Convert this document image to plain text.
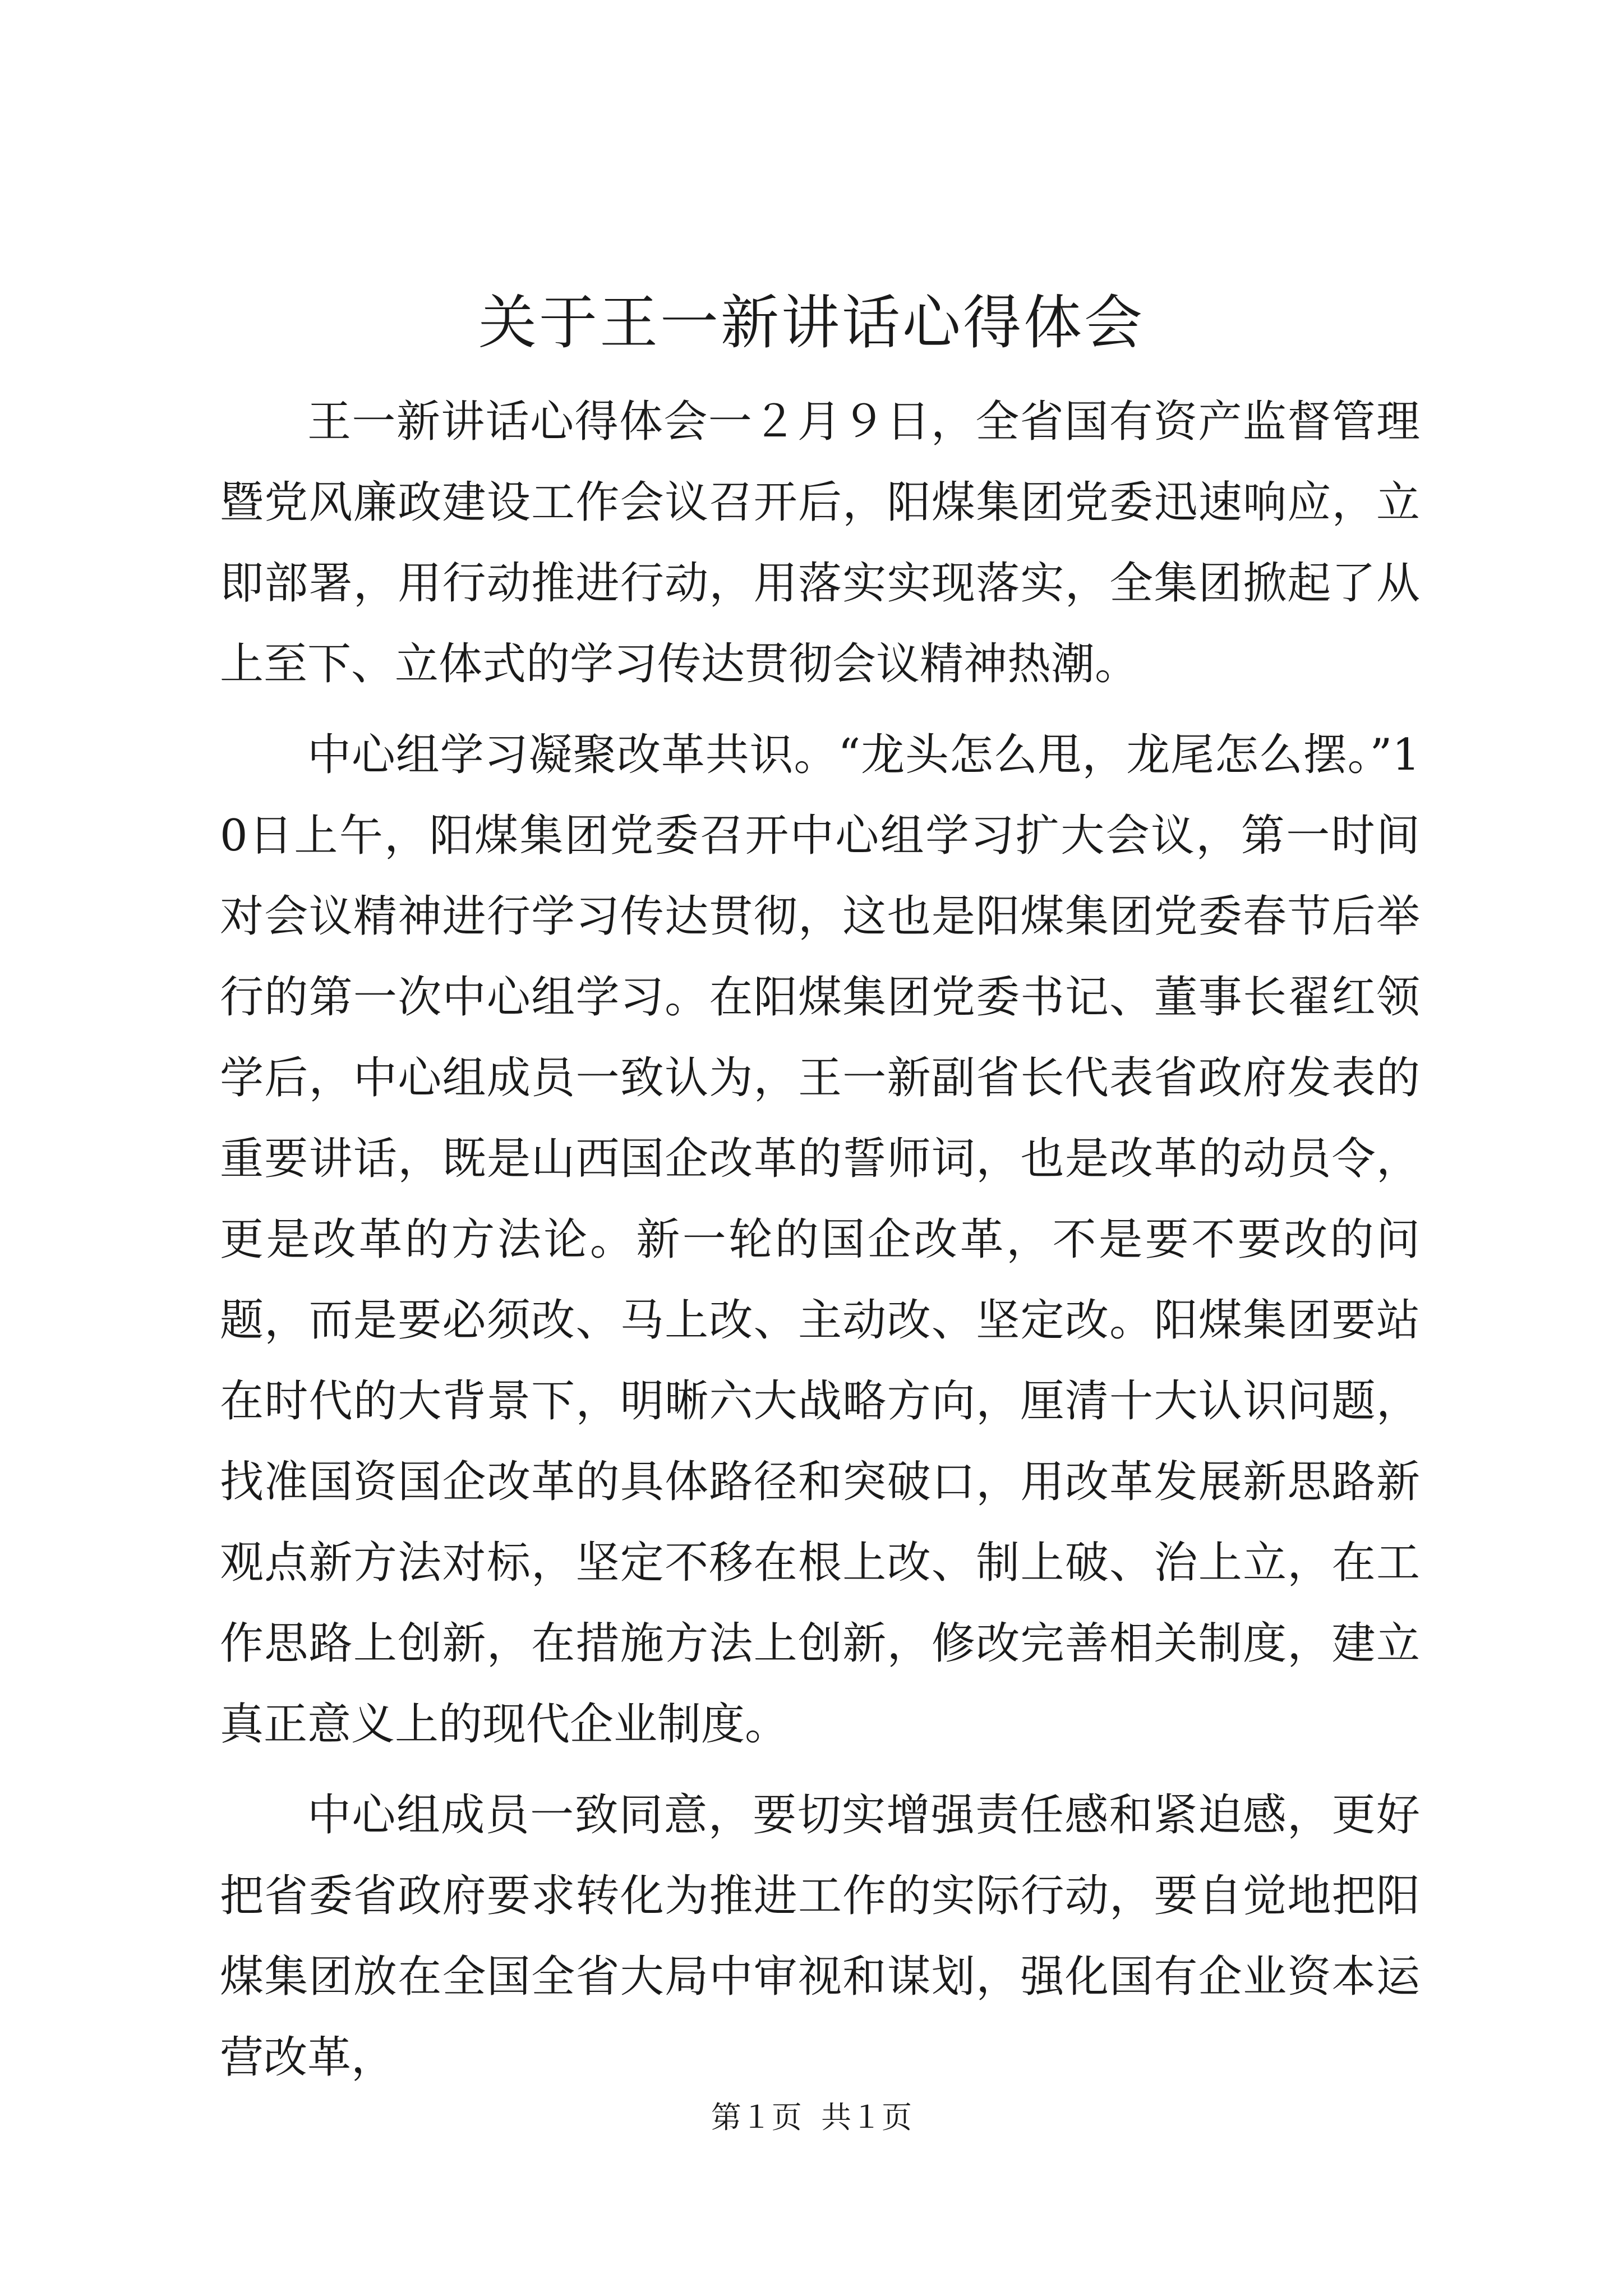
关于王一新讲话心得体会

王一新讲话心得体会一２月９日，全省国有资产监督管理暨党风廉政建设工作会议召开后，阳煤集团党委迅速响应，立即部署，用行动推进行动，用落实实现落实，全集团掀起了从上至下、立体式的学习传达贯彻会议精神热潮。

中心组学习凝聚改革共识。“龙头怎么甩，龙尾怎么摆。”10日上午，阳煤集团党委召开中心组学习扩大会议，第一时间对会议精神进行学习传达贯彻，这也是阳煤集团党委春节后举行的第一次中心组学习。在阳煤集团党委书记、董事长翟红领学后，中心组成员一致认为，王一新副省长代表省政府发表的重要讲话，既是山西国企改革的誓师词，也是改革的动员令，更是改革的方法论。新一轮的国企改革，不是要不要改的问题，而是要必须改、马上改、主动改、坚定改。阳煤集团要站在时代的大背景下，明晰六大战略方向，厘清十大认识问题，找准国资国企改革的具体路径和突破口，用改革发展新思路新观点新方法对标，坚定不移在根上改、制上破、治上立，在工作思路上创新，在措施方法上创新，修改完善相关制度，建立真正意义上的现代企业制度。

中心组成员一致同意，要切实增强责任感和紧迫感，更好把省委省政府要求转化为推进工作的实际行动，要自觉地把阳煤集团放在全国全省大局中审视和谋划，强化国有企业资本运营改革，

第１页 共１页
